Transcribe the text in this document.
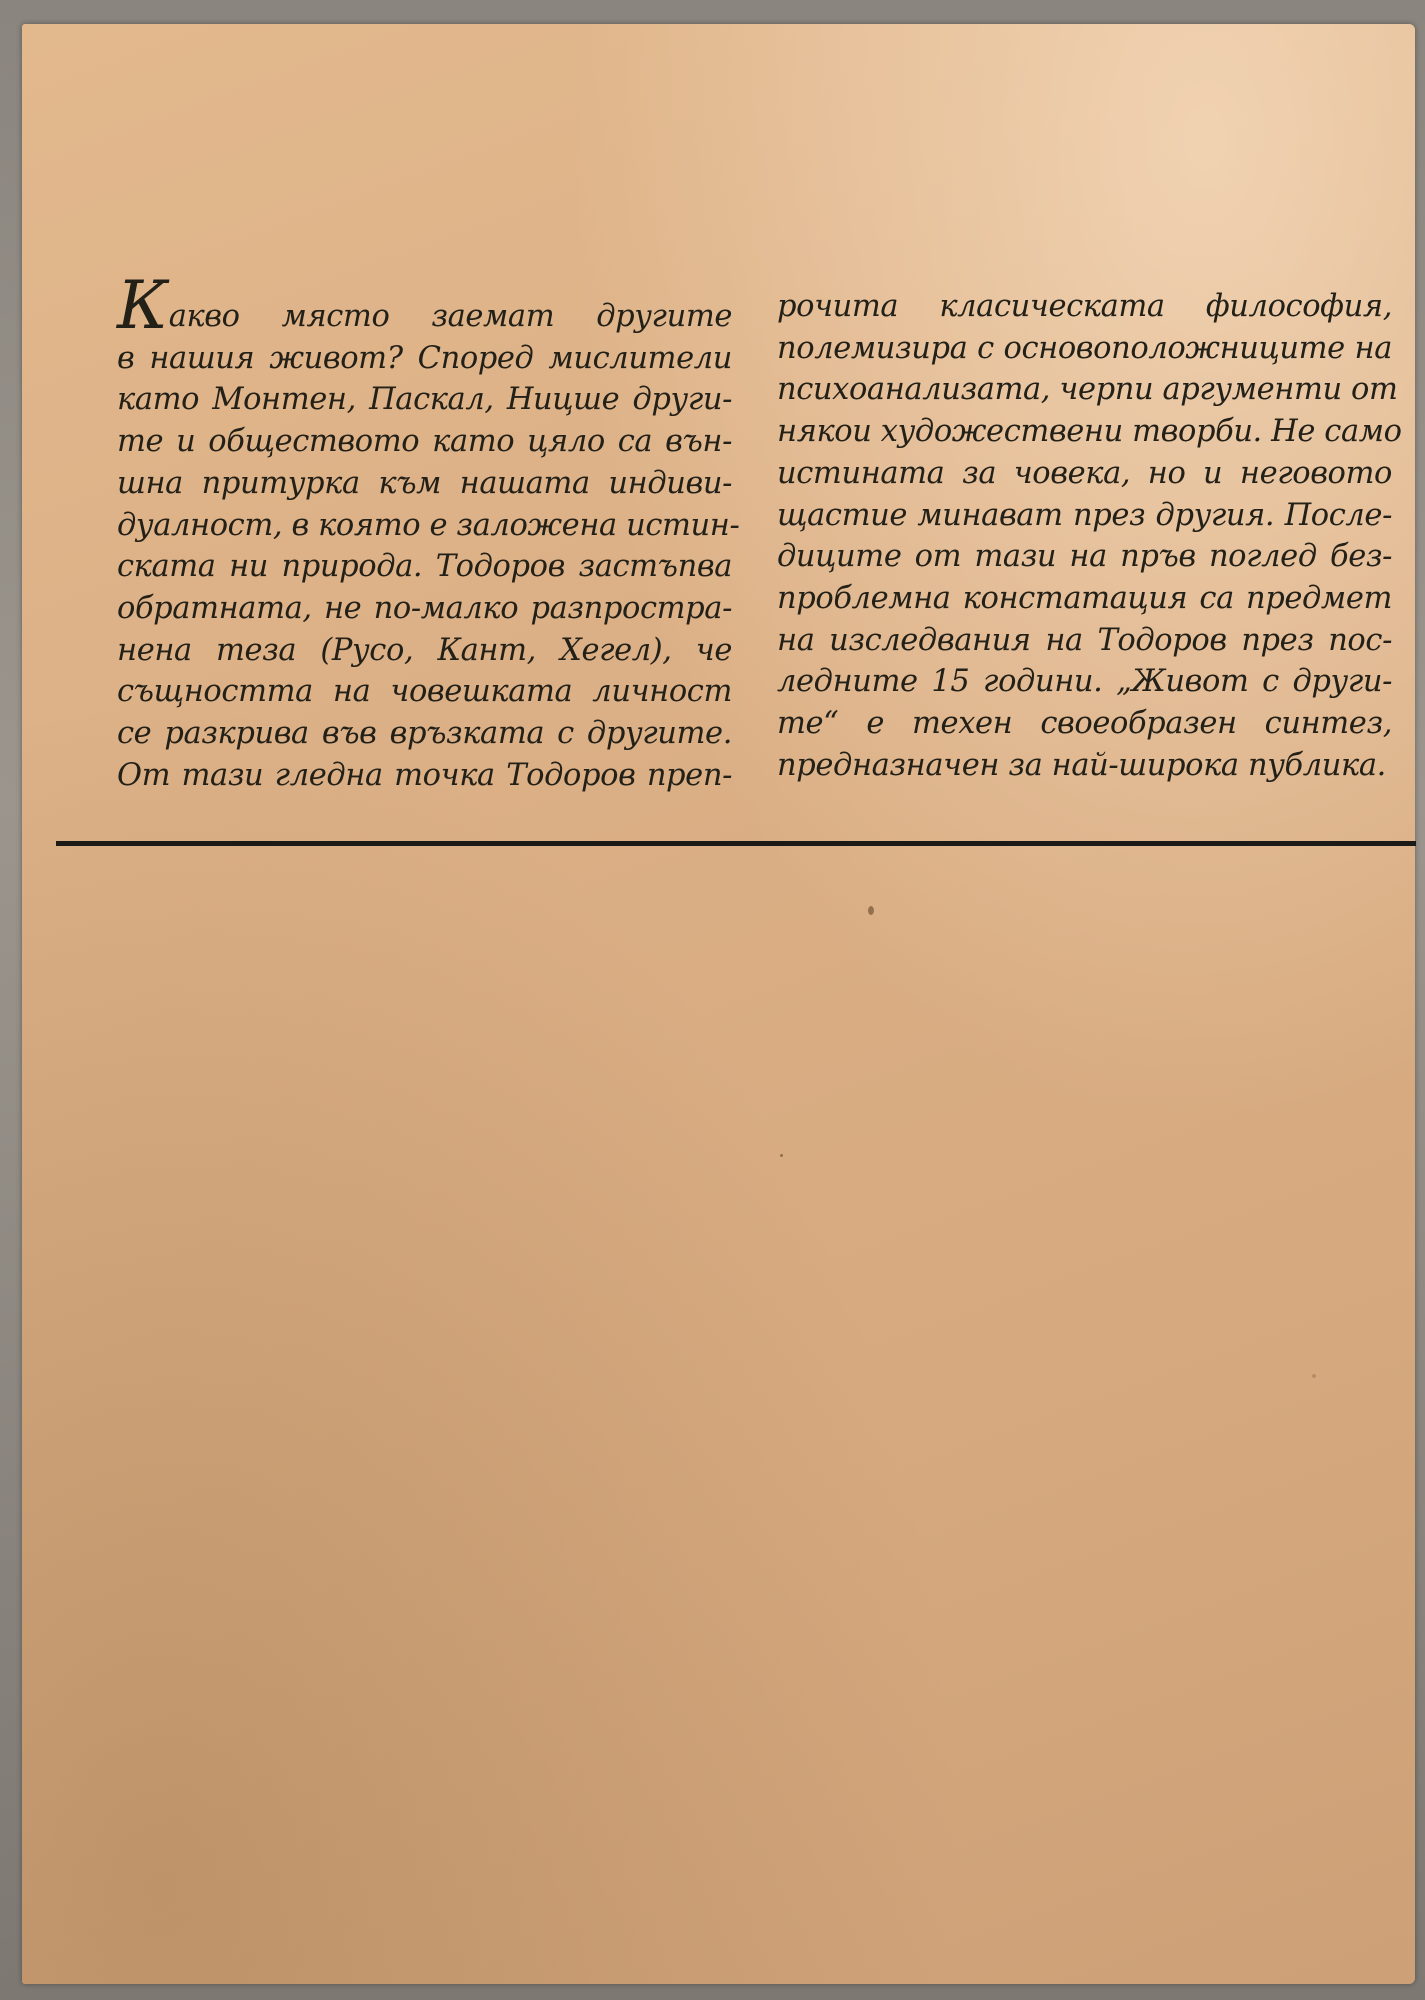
Какво място заемат другите
в нашия живот? Според мислители
като Монтен, Паскал, Ницше други-
те и обществото като цяло са вън-
шна притурка към нашата индиви-
дуалност, в която е заложена истин-
ската ни природа. Тодоров застъпва
обратната, не по-малко разпростра-
нена теза (Русо, Кант, Хегел), че
същността на човешката личност
се разкрива във връзката с другите.
От тази гледна точка Тодоров преп-
рочита класическата философия,
полемизира с основоположниците на
психоанализата, черпи аргументи от
някои художествени творби. Не само
истината за човека, но и неговото
щастие минават през другия. После-
диците от тази на пръв поглед без-
проблемна констатация са предмет
на изследвания на Тодоров през пос-
ледните 15 години. „Живот с други-
те“ е техен своеобразен синтез,
предназначен за най-широка публика.
